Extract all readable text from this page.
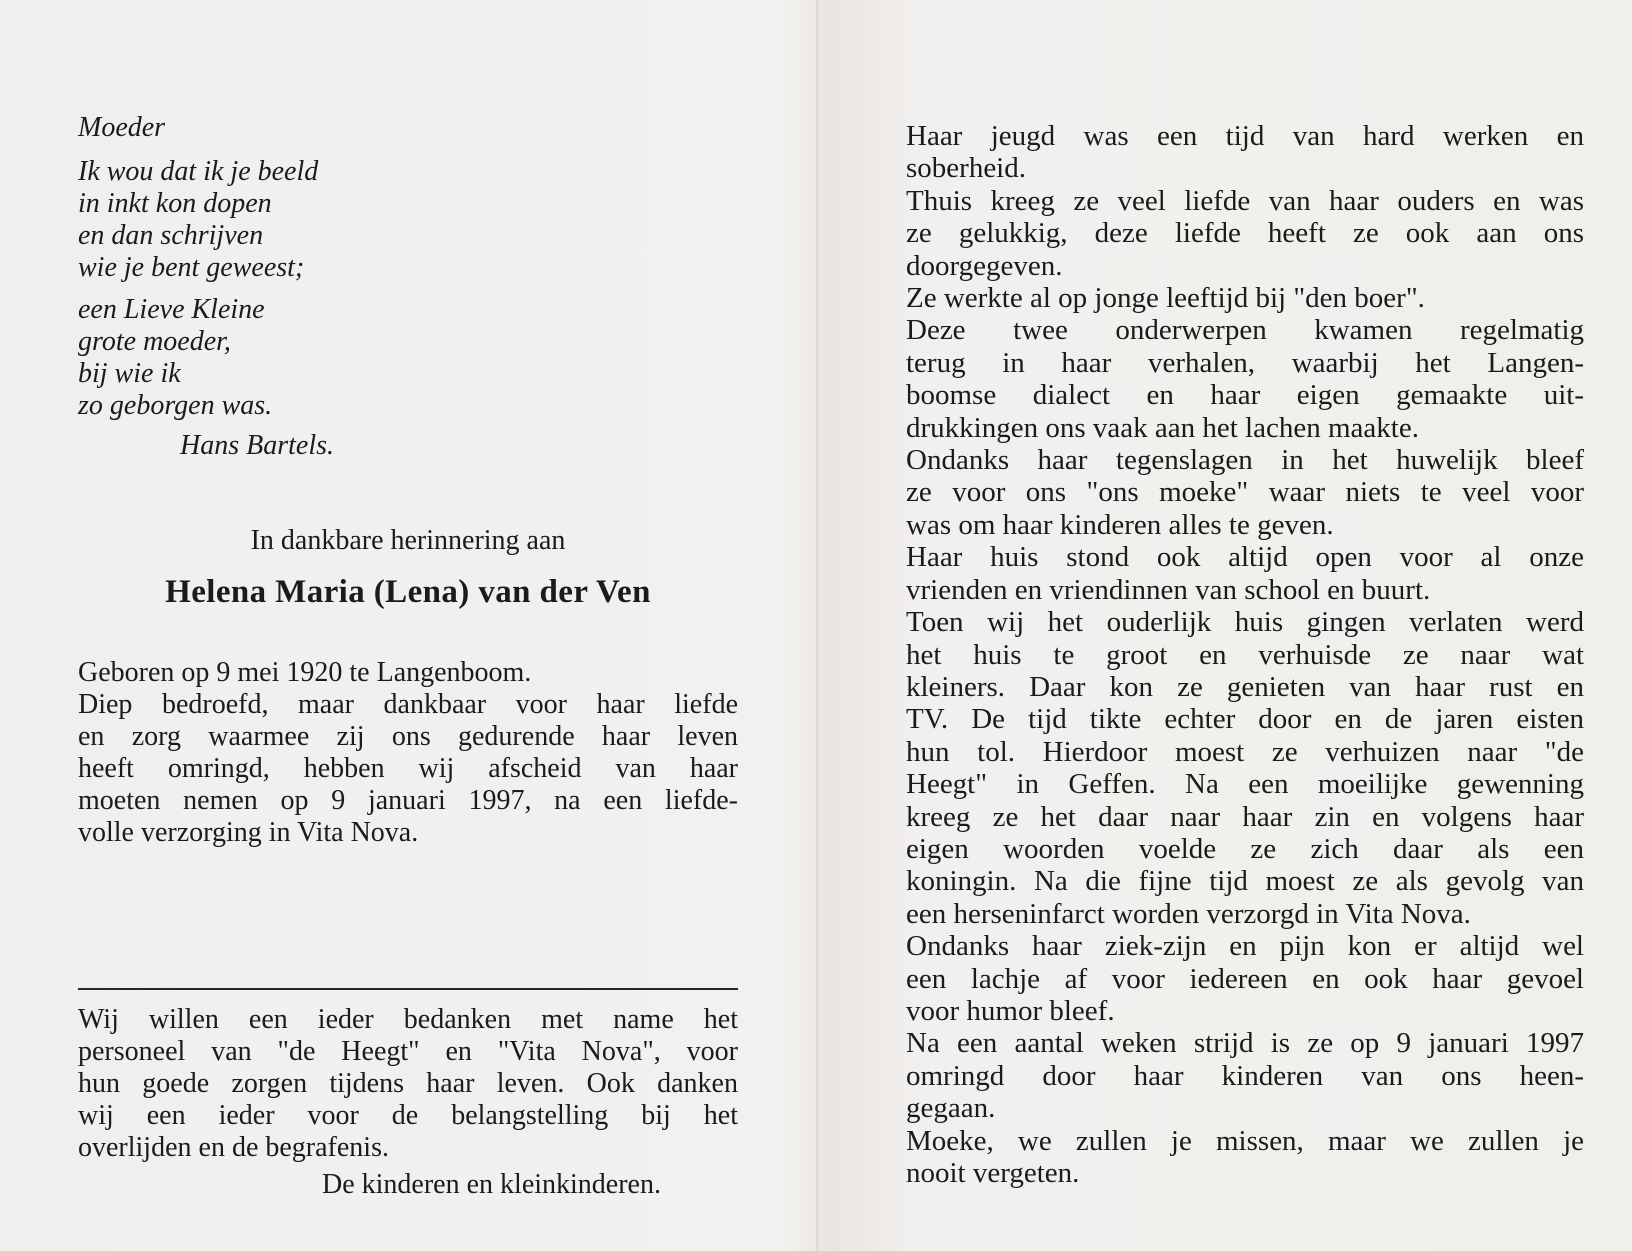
Moeder
Ik wou dat ik je beeld
in inkt kon dopen
en dan schrijven
wie je bent geweest;
een Lieve Kleine
grote moeder,
bij wie ik
zo geborgen was.
Hans Bartels.
In dankbare herinnering aan
Helena Maria (Lena) van der Ven
Geboren op 9 mei 1920 te Langenboom.
Diep bedroefd, maar dankbaar voor haar liefde
en zorg waarmee zij ons gedurende haar leven
heeft omringd, hebben wij afscheid van haar
moeten nemen op 9 januari 1997, na een liefde-
volle verzorging in Vita Nova.
Wij willen een ieder bedanken met name het
personeel van "de Heegt" en "Vita Nova", voor
hun goede zorgen tijdens haar leven. Ook danken
wij een ieder voor de belangstelling bij het
overlijden en de begrafenis.
De kinderen en kleinkinderen.
Haar jeugd was een tijd van hard werken en
soberheid.
Thuis kreeg ze veel liefde van haar ouders en was
ze gelukkig, deze liefde heeft ze ook aan ons
doorgegeven.
Ze werkte al op jonge leeftijd bij "den boer".
Deze twee onderwerpen kwamen regelmatig
terug in haar verhalen, waarbij het Langen-
boomse dialect en haar eigen gemaakte uit-
drukkingen ons vaak aan het lachen maakte.
Ondanks haar tegenslagen in het huwelijk bleef
ze voor ons "ons moeke" waar niets te veel voor
was om haar kinderen alles te geven.
Haar huis stond ook altijd open voor al onze
vrienden en vriendinnen van school en buurt.
Toen wij het ouderlijk huis gingen verlaten werd
het huis te groot en verhuisde ze naar wat
kleiners. Daar kon ze genieten van haar rust en
TV. De tijd tikte echter door en de jaren eisten
hun tol. Hierdoor moest ze verhuizen naar "de
Heegt" in Geffen. Na een moeilijke gewenning
kreeg ze het daar naar haar zin en volgens haar
eigen woorden voelde ze zich daar als een
koningin. Na die fijne tijd moest ze als gevolg van
een herseninfarct worden verzorgd in Vita Nova.
Ondanks haar ziek-zijn en pijn kon er altijd wel
een lachje af voor iedereen en ook haar gevoel
voor humor bleef.
Na een aantal weken strijd is ze op 9 januari 1997
omringd door haar kinderen van ons heen-
gegaan.
Moeke, we zullen je missen, maar we zullen je
nooit vergeten.
